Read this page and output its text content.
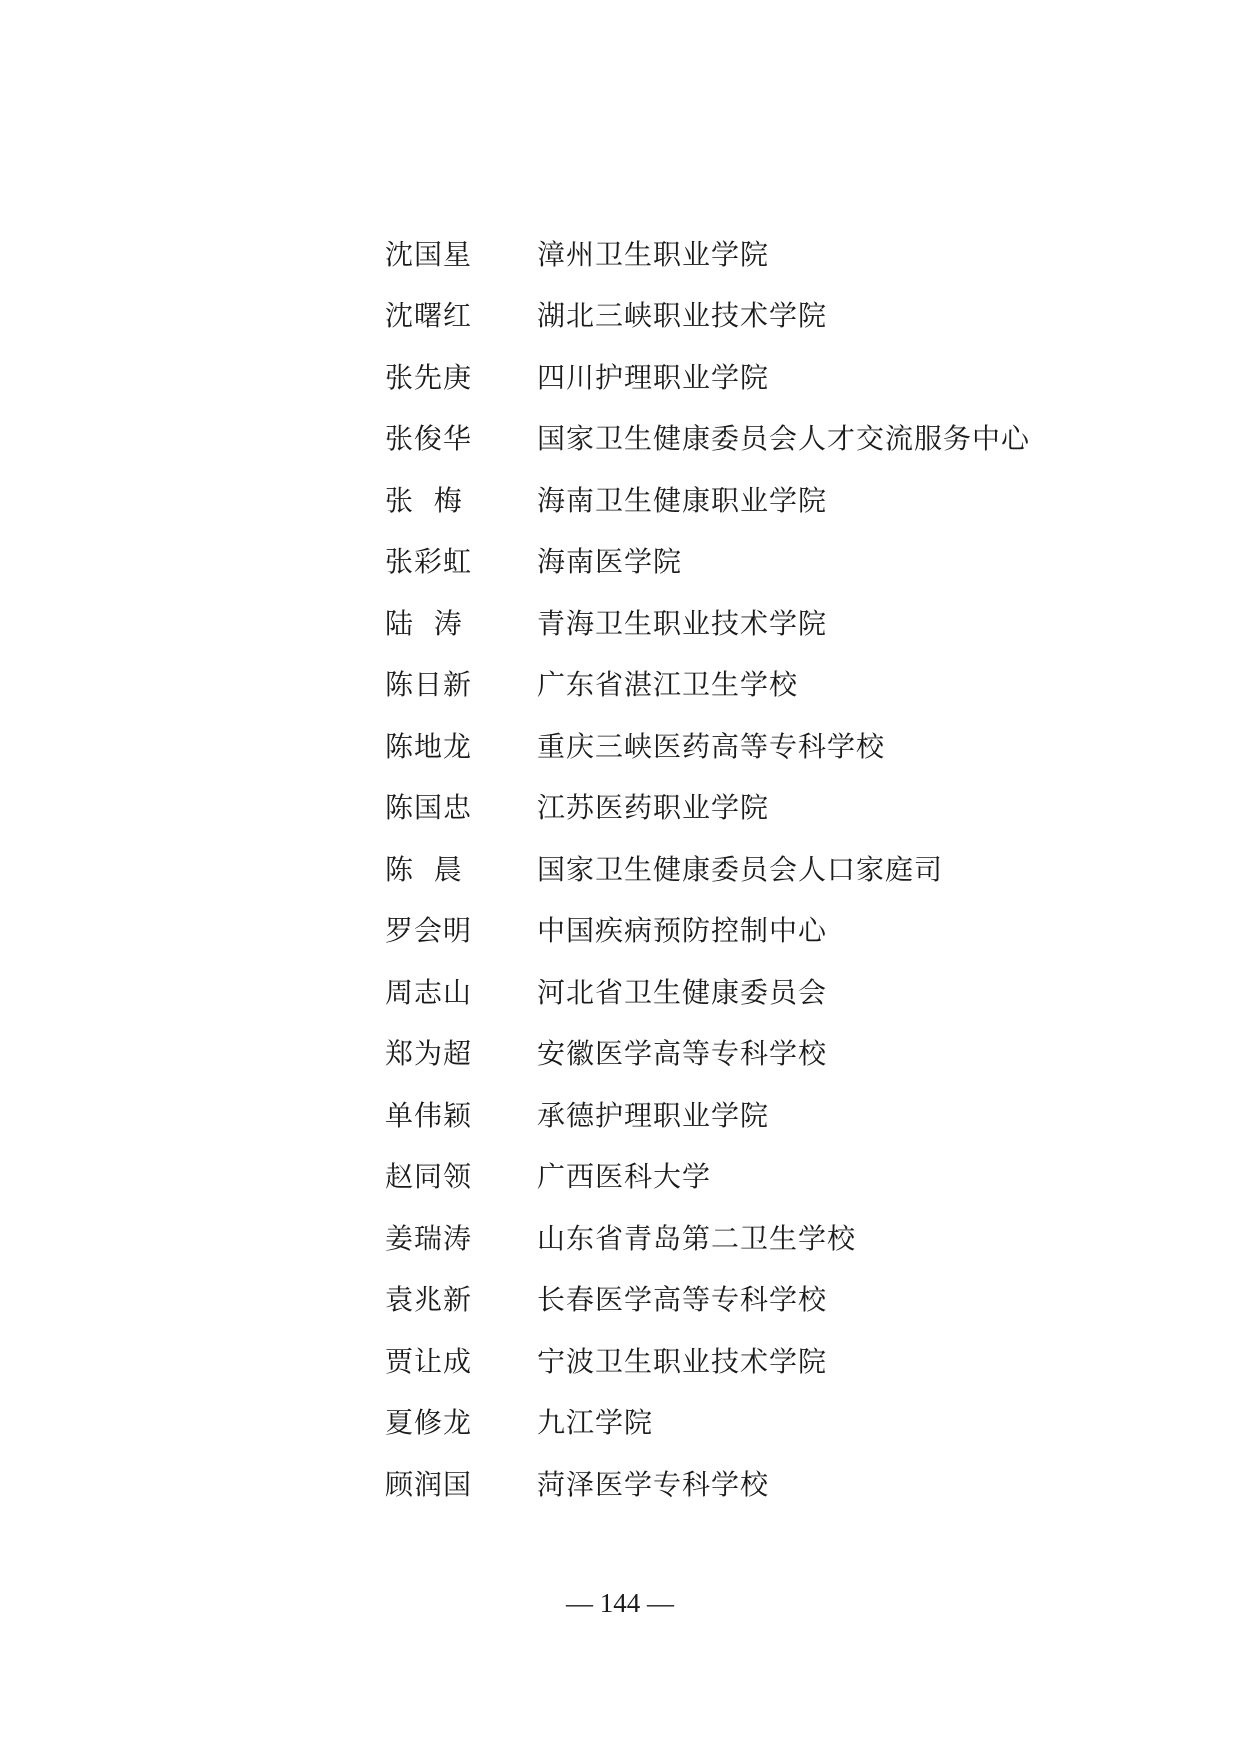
沈国星	漳州卫生职业学院
沈曙红	湖北三峡职业技术学院
张先庚	四川护理职业学院
张俊华	国家卫生健康委员会人才交流服务中心
张  梅	海南卫生健康职业学院
张彩虹	海南医学院
陆  涛	青海卫生职业技术学院
陈日新	广东省湛江卫生学校
陈地龙	重庆三峡医药高等专科学校
陈国忠	江苏医药职业学院
陈  晨	国家卫生健康委员会人口家庭司
罗会明	中国疾病预防控制中心
周志山	河北省卫生健康委员会
郑为超	安徽医学高等专科学校
单伟颖	承德护理职业学院
赵同领	广西医科大学
姜瑞涛	山东省青岛第二卫生学校
袁兆新	长春医学高等专科学校
贾让成	宁波卫生职业技术学院
夏修龙	九江学院
顾润国	菏泽医学专科学校
— 144 —
